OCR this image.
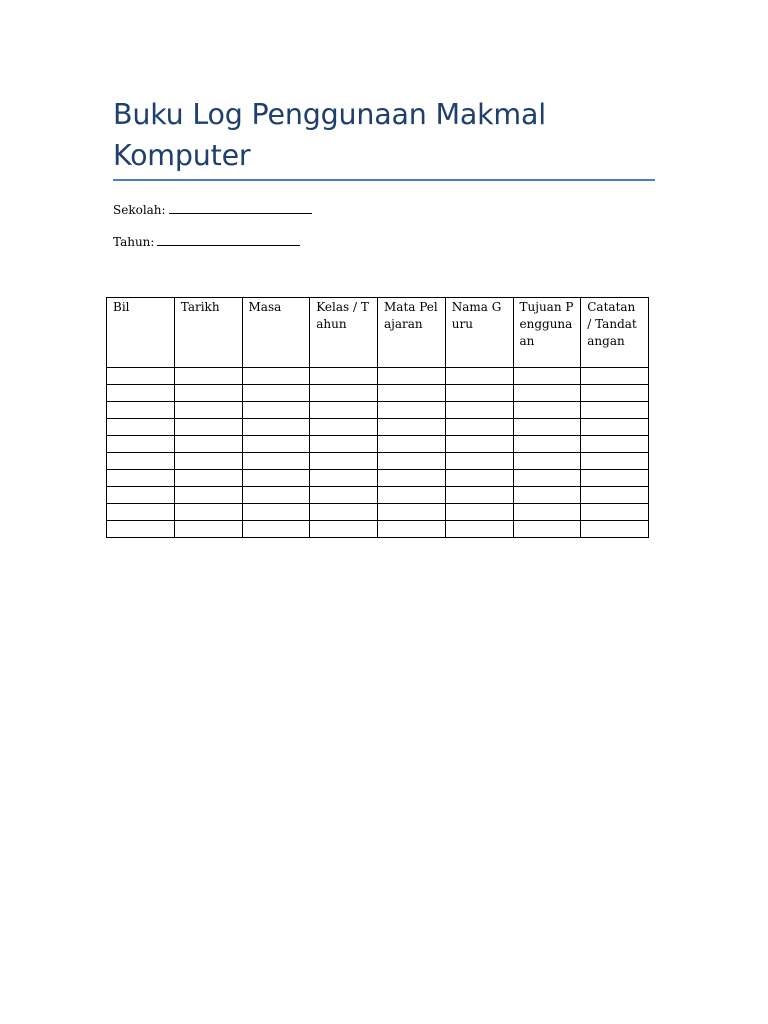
Buku Log Penggunaan Makmal Komputer
Sekolah:
Tahun:
Bil	Tarikh	Masa	Kelas / Tahun	Mata Pelajaran	Nama Guru	Tujuan Penggunaan	Catatan / Tandatangan
